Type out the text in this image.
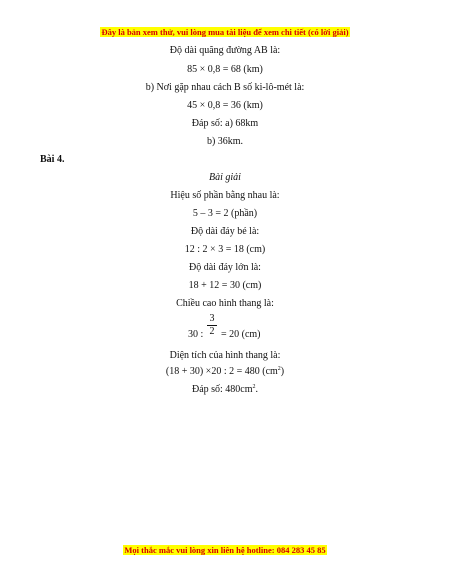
Đây là bản xem thử, vui lòng mua tài liệu để xem chi tiết (có lời giải)
Độ dài quãng đường AB là:
85 × 0,8 = 68 (km)
b) Nơi gặp nhau cách B số ki-lô-mét là:
45 × 0,8 = 36 (km)
Đáp số: a) 68km
b) 36km.
Bài 4.
Bài giải
Hiệu số phần bằng nhau là:
5 – 3 = 2 (phần)
Độ dài đáy bé là:
12 : 2 × 3 = 18 (cm)
Độ dài đáy lớn là:
18 + 12 = 30 (cm)
Chiều cao hình thang là:
30 :
3
2 = 20 (cm)
Diện tích của hình thang là:
(18 + 30) ×20 : 2 = 480 $(cm^2)$
Đáp số: $480cm^2$.
Mọi thắc mắc vui lòng xin liên hệ hotline: 084 283 45 85
